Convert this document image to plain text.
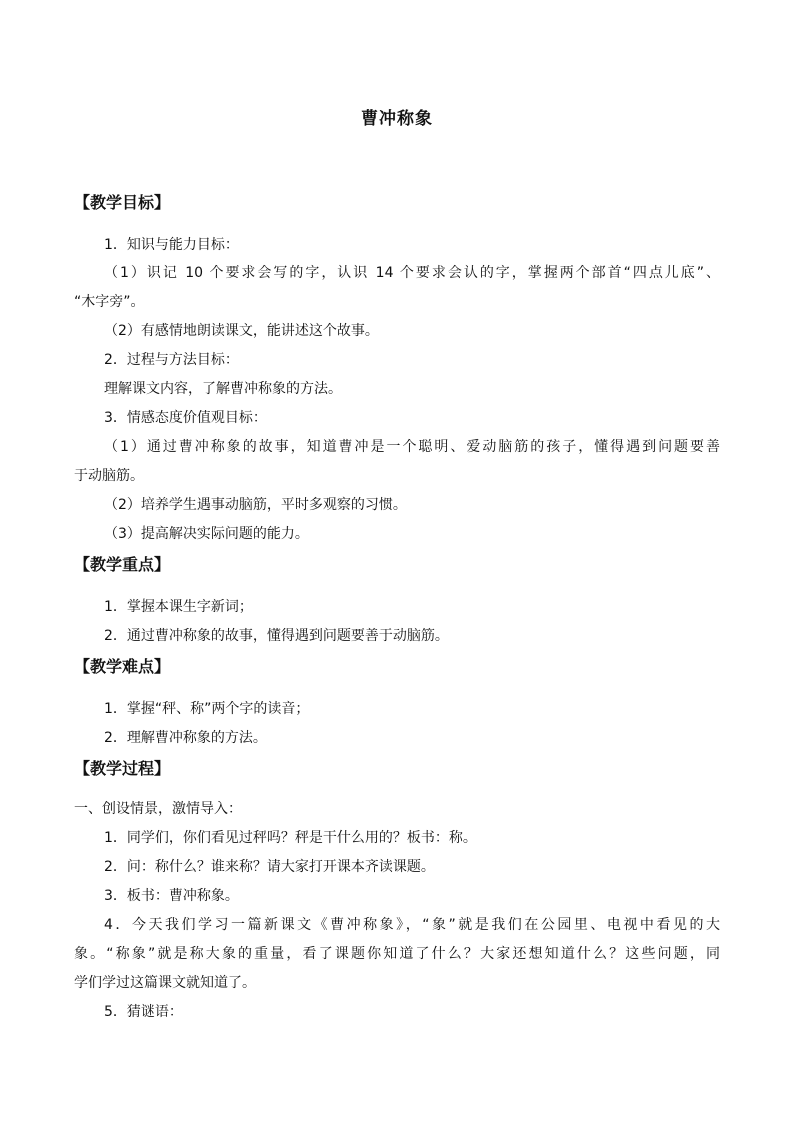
曹冲称象
【教学目标】
1．知识与能力目标：
（1）识记 10 个要求会写的字，认识 14 个要求会认的字，掌握两个部首“四点儿底”、
“木字旁”。
（2）有感情地朗读课文，能讲述这个故事。
2．过程与方法目标：
理解课文内容，了解曹冲称象的方法。
3．情感态度价值观目标：
（1）通过曹冲称象的故事，知道曹冲是一个聪明、爱动脑筋的孩子，懂得遇到问题要善
于动脑筋。
（2）培养学生遇事动脑筋，平时多观察的习惯。
（3）提高解决实际问题的能力。
【教学重点】
1．掌握本课生字新词；
2．通过曹冲称象的故事，懂得遇到问题要善于动脑筋。
【教学难点】
1．掌握“秤、称”两个字的读音；
2．理解曹冲称象的方法。
【教学过程】
一、创设情景，激情导入：
1．同学们，你们看见过秤吗？秤是干什么用的？板书：称。
2．问：称什么？谁来称？请大家打开课本齐读课题。
3．板书：曹冲称象。
4．今天我们学习一篇新课文《曹冲称象》，“象”就是我们在公园里、电视中看见的大
象。“称象”就是称大象的重量，看了课题你知道了什么？大家还想知道什么？这些问题，同
学们学过这篇课文就知道了。
5．猜谜语：
